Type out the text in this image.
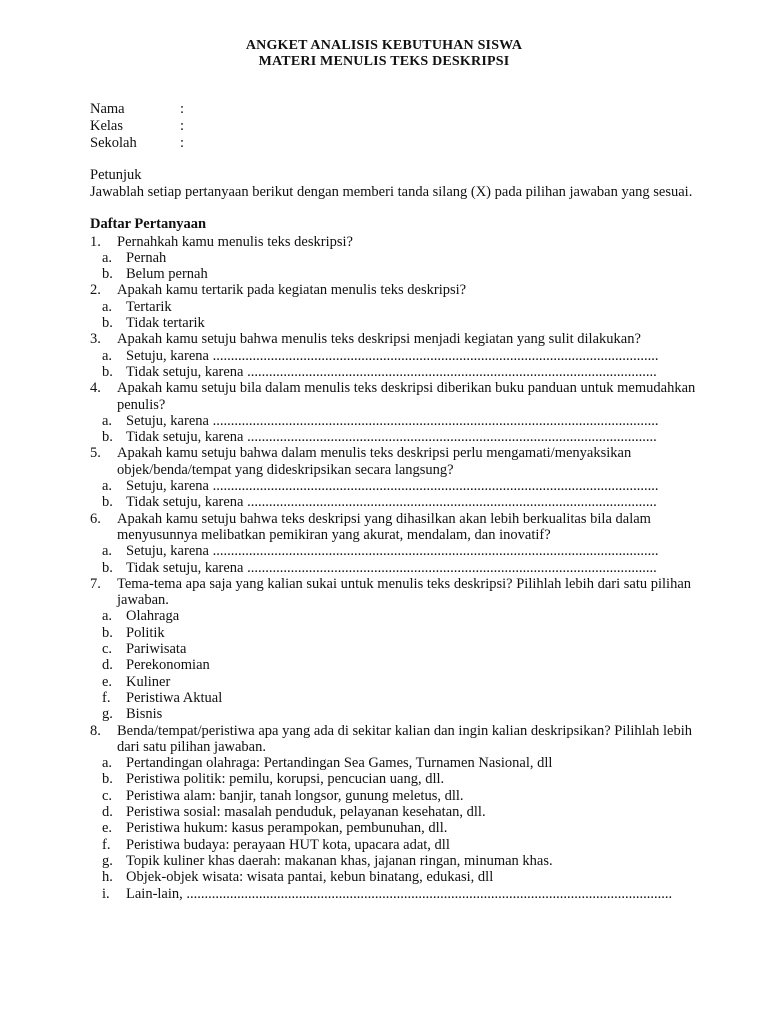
ANGKET ANALISIS KEBUTUHAN SISWA
MATERI MENULIS TEKS DESKRIPSI
Nama	:
Kelas	:
Sekolah	:
Petunjuk
Jawablah setiap pertanyaan berikut dengan memberi tanda silang (X) pada pilihan jawaban yang sesuai.
Daftar Pertanyaan
1. Pernahkah kamu menulis teks deskripsi?
a. Pernah
b. Belum pernah
2. Apakah kamu tertarik pada kegiatan menulis teks deskripsi?
a. Tertarik
b. Tidak tertarik
3. Apakah kamu setuju bahwa menulis teks deskripsi menjadi kegiatan yang sulit dilakukan?
a. Setuju, karena ...........................................................................................................................
b. Tidak setuju, karena .................................................................................................................
4. Apakah kamu setuju bila dalam menulis teks deskripsi diberikan buku panduan untuk memudahkan
penulis?
a. Setuju, karena ...........................................................................................................................
b. Tidak setuju, karena .................................................................................................................
5. Apakah kamu setuju bahwa dalam menulis teks deskripsi perlu mengamati/menyaksikan
objek/benda/tempat yang dideskripsikan secara langsung?
a. Setuju, karena ...........................................................................................................................
b. Tidak setuju, karena .................................................................................................................
6. Apakah kamu setuju bahwa teks deskripsi yang dihasilkan akan lebih berkualitas bila dalam
menyusunnya melibatkan pemikiran yang akurat, mendalam, dan inovatif?
a. Setuju, karena ...........................................................................................................................
b. Tidak setuju, karena .................................................................................................................
7. Tema-tema apa saja yang kalian sukai untuk menulis teks deskripsi? Pilihlah lebih dari satu pilihan
jawaban.
a. Olahraga
b. Politik
c. Pariwisata
d. Perekonomian
e. Kuliner
f. Peristiwa Aktual
g. Bisnis
8. Benda/tempat/peristiwa apa yang ada di sekitar kalian dan ingin kalian deskripsikan? Pilihlah lebih
dari satu pilihan jawaban.
a. Pertandingan olahraga: Pertandingan Sea Games, Turnamen Nasional, dll
b. Peristiwa politik: pemilu, korupsi, pencucian uang, dll.
c. Peristiwa alam: banjir, tanah longsor, gunung meletus, dll.
d. Peristiwa sosial: masalah penduduk, pelayanan kesehatan, dll.
e. Peristiwa hukum: kasus perampokan, pembunuhan, dll.
f. Peristiwa budaya: perayaan HUT kota, upacara adat, dll
g. Topik kuliner khas daerah: makanan khas, jajanan ringan, minuman khas.
h. Objek-objek wisata: wisata pantai, kebun binatang, edukasi, dll
i. Lain-lain, ......................................................................................................................................
